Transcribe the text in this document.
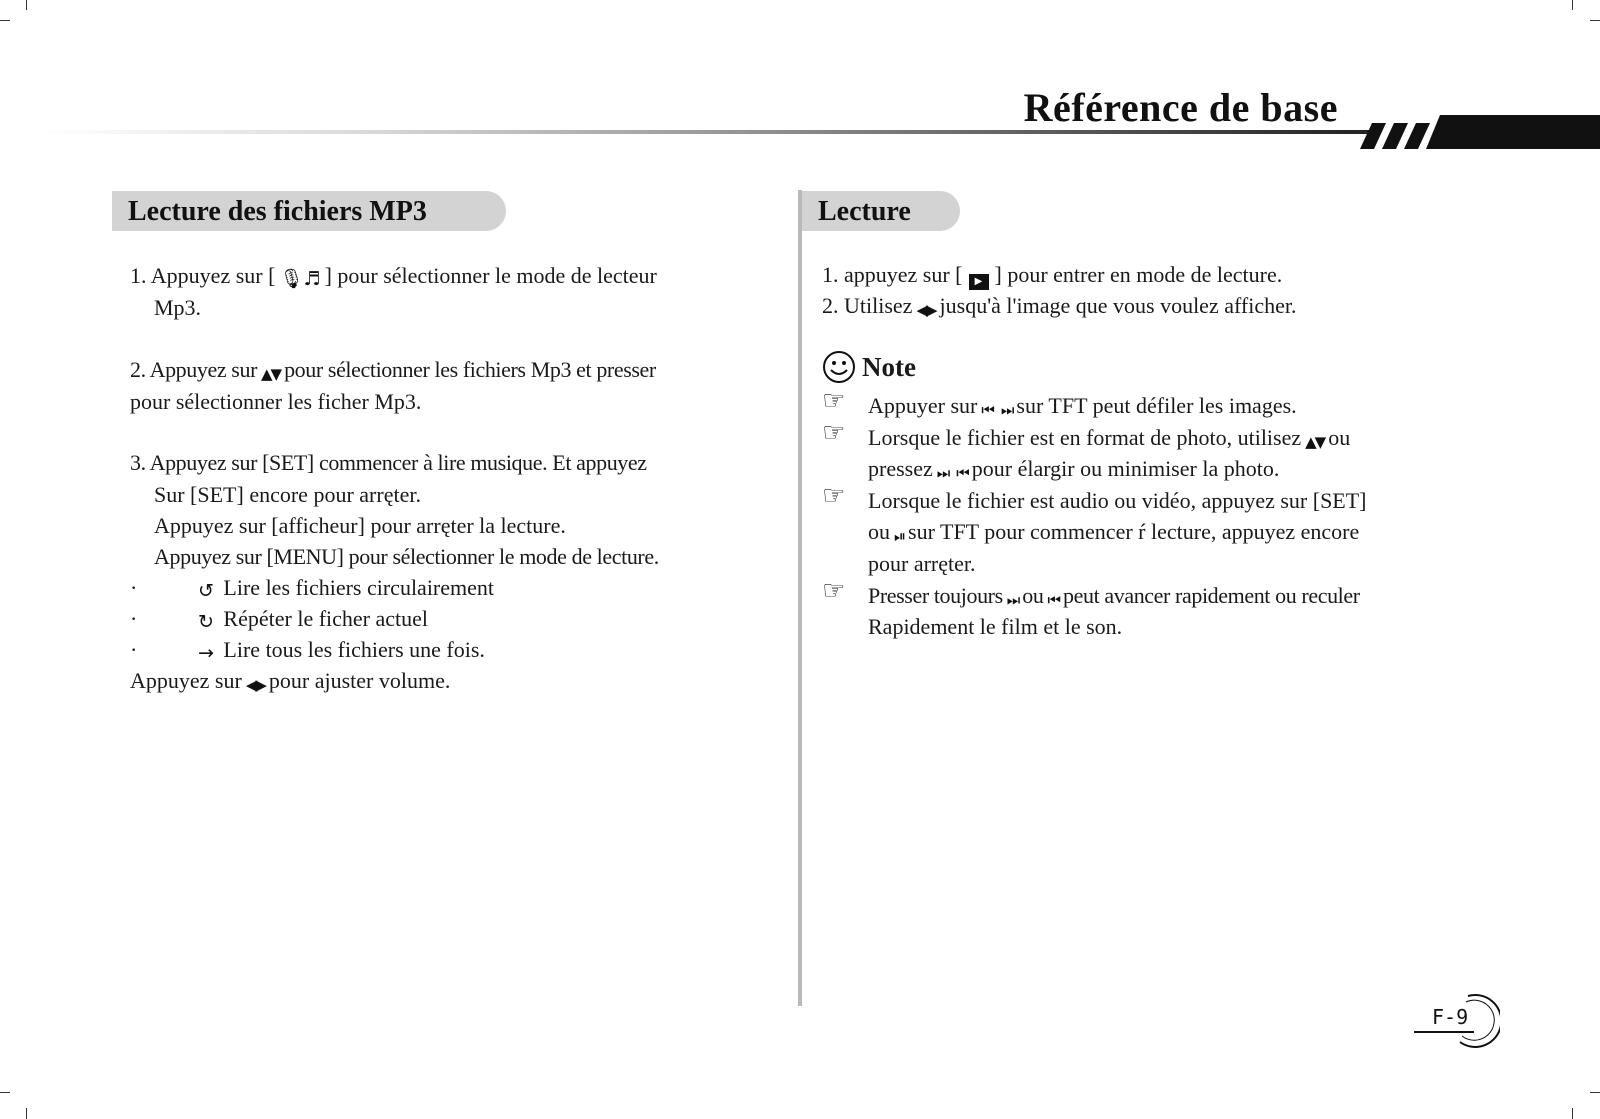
Référence de base
Lecture des fichiers MP3
1. Appuyez sur [ 🎙♬ ] pour sélectionner le mode de lecteur
Mp3.
2. Appuyez sur ▲▼ pour sélectionner les fichiers Mp3 et presser
pour sélectionner les ficher Mp3.
3. Appuyez sur [SET] commencer à lire musique. Et appuyez
Sur [SET] encore pour arręter.
Appuyez sur [afficheur] pour arręter la lecture.
Appuyez sur [MENU] pour sélectionner le mode de lecture.
·	↺ Lire les fichiers circulairement
·	↻ Répéter le ficher actuel
·	→ Lire tous les fichiers une fois.
Appuyez sur ◀▶ pour ajuster volume.
Lecture
1. appuyez sur [ ▶ ] pour entrer en mode de lecture.
2. Utilisez ◀▶ jusqu'à l'image que vous voulez afficher.
Note
☞ Appuyer sur ⏮ ⏭ sur TFT peut défiler les images.
☞ Lorsque le fichier est en format de photo, utilisez ▲▼ ou
pressez ⏭ ⏮ pour élargir ou minimiser la photo.
☞ Lorsque le fichier est audio ou vidéo, appuyez sur [SET]
ou ⏯ sur TFT pour commencer ŕ lecture, appuyez encore
pour arręter.
☞ Presser toujours ⏭ ou ⏮ peut avancer rapidement ou reculer
Rapidement le film et le son.
F-9
